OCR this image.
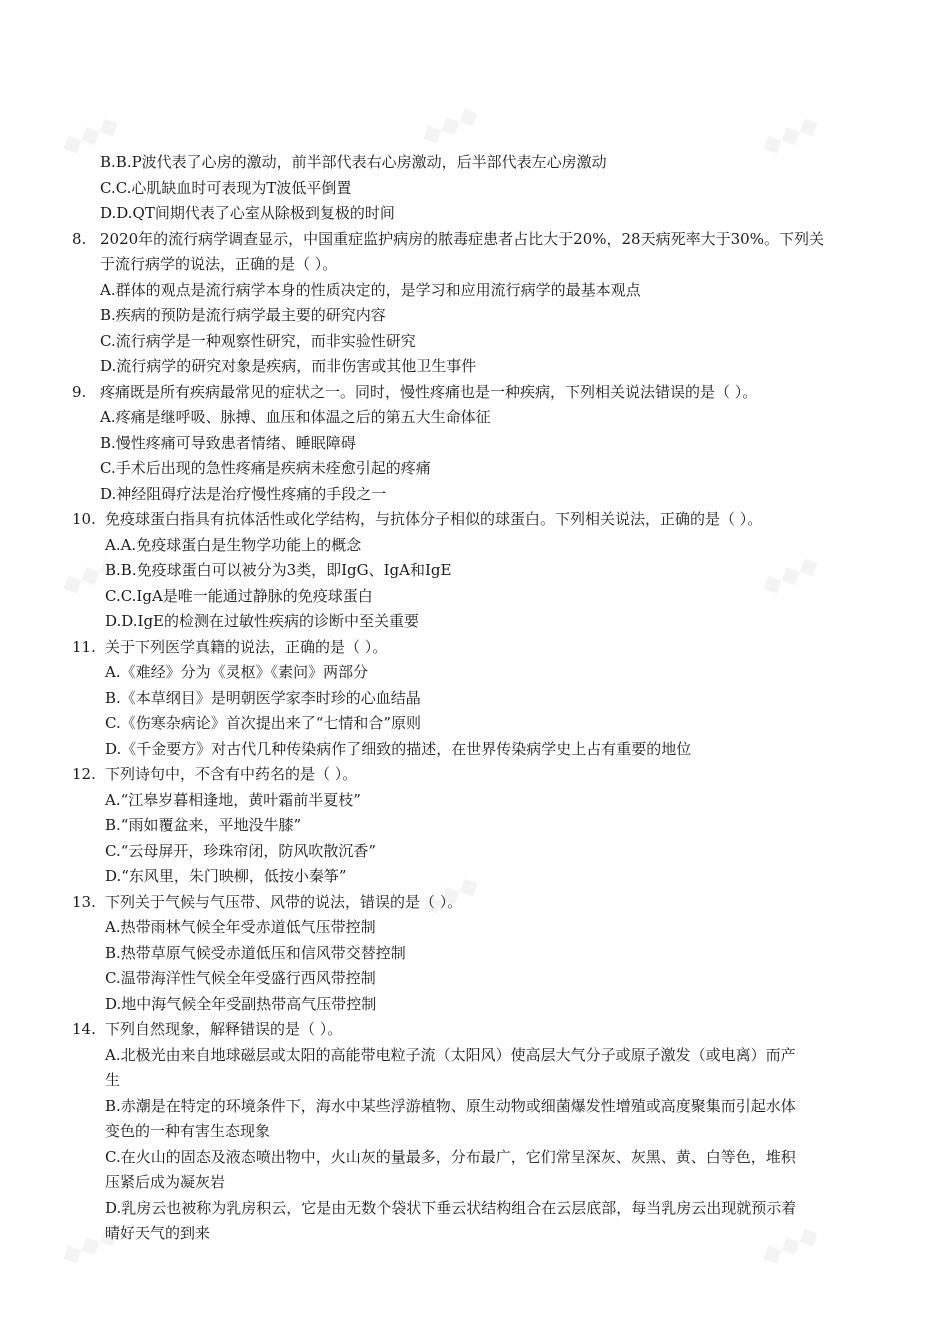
B.B.P波代表了心房的激动，前半部代表右心房激动，后半部代表左心房激动
C.C.心肌缺血时可表现为T波低平倒置
D.D.QT间期代表了心室从除极到复极的时间
8. 2020年的流行病学调查显示，中国重症监护病房的脓毒症患者占比大于20%，28天病死率大于30%。下列关
于流行病学的说法，正确的是（ ）。
A.群体的观点是流行病学本身的性质决定的，是学习和应用流行病学的最基本观点
B.疾病的预防是流行病学最主要的研究内容
C.流行病学是一种观察性研究，而非实验性研究
D.流行病学的研究对象是疾病，而非伤害或其他卫生事件
9. 疼痛既是所有疾病最常见的症状之一。同时，慢性疼痛也是一种疾病，下列相关说法错误的是（ ）。
A.疼痛是继呼吸、脉搏、血压和体温之后的第五大生命体征
B.慢性疼痛可导致患者情绪、睡眠障碍
C.手术后出现的急性疼痛是疾病未痊愈引起的疼痛
D.神经阻碍疗法是治疗慢性疼痛的手段之一
10. 免疫球蛋白指具有抗体活性或化学结构，与抗体分子相似的球蛋白。下列相关说法，正确的是（ ）。
A.A.免疫球蛋白是生物学功能上的概念
B.B.免疫球蛋白可以被分为3类，即IgG、IgA和IgE
C.C.IgA是唯一能通过静脉的免疫球蛋白
D.D.IgE的检测在过敏性疾病的诊断中至关重要
11. 关于下列医学真籍的说法，正确的是（ ）。
A.《难经》分为《灵枢》《素问》两部分
B.《本草纲目》是明朝医学家李时珍的心血结晶
C.《伤寒杂病论》首次提出来了“七情和合”原则
D.《千金要方》对古代几种传染病作了细致的描述，在世界传染病学史上占有重要的地位
12. 下列诗句中，不含有中药名的是（ ）。
A.“江皋岁暮相逢地，黄叶霜前半夏枝”
B.“雨如覆盆来，平地没牛膝”
C.“云母屏开，珍珠帘闭，防风吹散沉香”
D.“东风里，朱门映柳，低按小秦筝”
13. 下列关于气候与气压带、风带的说法，错误的是（ ）。
A.热带雨林气候全年受赤道低气压带控制
B.热带草原气候受赤道低压和信风带交替控制
C.温带海洋性气候全年受盛行西风带控制
D.地中海气候全年受副热带高气压带控制
14. 下列自然现象，解释错误的是（ ）。
A.北极光由来自地球磁层或太阳的高能带电粒子流（太阳风）使高层大气分子或原子激发（或电离）而产
生
B.赤潮是在特定的环境条件下，海水中某些浮游植物、原生动物或细菌爆发性增殖或高度聚集而引起水体
变色的一种有害生态现象
C.在火山的固态及液态喷出物中，火山灰的量最多，分布最广，它们常呈深灰、灰黑、黄、白等色，堆积
压紧后成为凝灰岩
D.乳房云也被称为乳房积云，它是由无数个袋状下垂云状结构组合在云层底部，每当乳房云出现就预示着
晴好天气的到来
